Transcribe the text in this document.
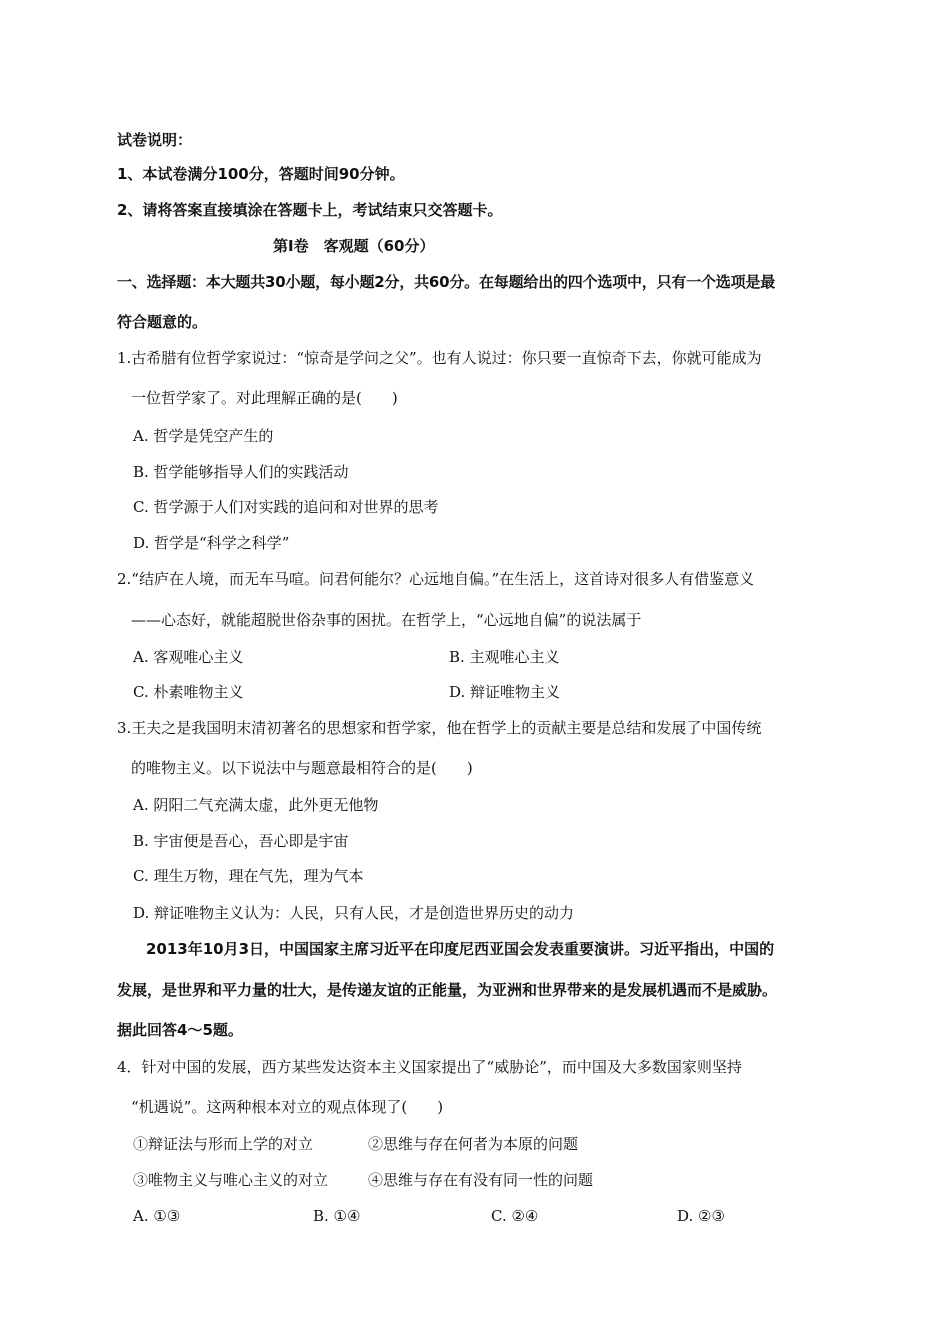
试卷说明：
1、本试卷满分100分，答题时间90分钟。
2、请将答案直接填涂在答题卡上，考试结束只交答题卡。
第Ⅰ卷　客观题（60分）
一、选择题：本大题共30小题，每小题2分，共60分。在每题给出的四个选项中，只有一个选项是最
符合题意的。
1.古希腊有位哲学家说过：“惊奇是学问之父”。也有人说过：你只要一直惊奇下去，你就可能成为
一位哲学家了。对此理解正确的是(　　)
A. 哲学是凭空产生的
B. 哲学能够指导人们的实践活动
C. 哲学源于人们对实践的追问和对世界的思考
D. 哲学是“科学之科学”
2.“结庐在人境，而无车马喧。问君何能尔？心远地自偏。”在生活上，这首诗对很多人有借鉴意义
——心态好，就能超脱世俗杂事的困扰。在哲学上，“心远地自偏”的说法属于
A. 客观唯心主义	B. 主观唯心主义
C. 朴素唯物主义	D. 辩证唯物主义
3.王夫之是我国明末清初著名的思想家和哲学家，他在哲学上的贡献主要是总结和发展了中国传统
的唯物主义。以下说法中与题意最相符合的是(　　)
A. 阴阳二气充满太虚，此外更无他物
B. 宇宙便是吾心，吾心即是宇宙
C. 理生万物，理在气先，理为气本
D. 辩证唯物主义认为：人民，只有人民，才是创造世界历史的动力
2013年10月3日，中国国家主席习近平在印度尼西亚国会发表重要演讲。习近平指出，中国的
发展，是世界和平力量的壮大，是传递友谊的正能量，为亚洲和世界带来的是发展机遇而不是威胁。
据此回答4～5题。
4．针对中国的发展，西方某些发达资本主义国家提出了“威胁论”，而中国及大多数国家则坚持
“机遇说”。这两种根本对立的观点体现了(　　)
①辩证法与形而上学的对立	②思维与存在何者为本原的问题
③唯物主义与唯心主义的对立	④思维与存在有没有同一性的问题
A. ①③	B. ①④	C. ②④	D. ②③
